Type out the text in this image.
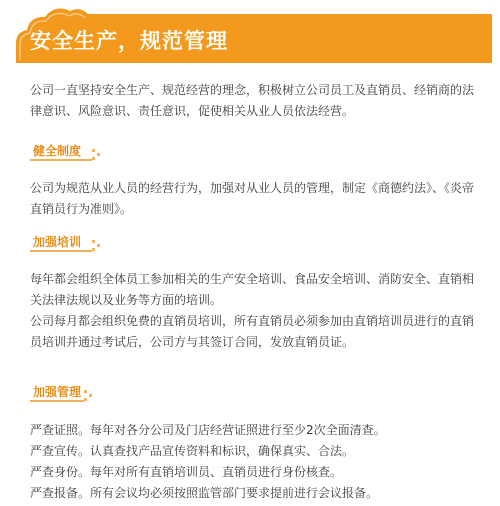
安全生产，规范管理

公司一直坚持安全生产、规范经营的理念，积极树立公司员工及直销员、经销商的法律意识、风险意识、责任意识，促使相关从业人员依法经营。

健全制度

公司为规范从业人员的经营行为，加强对从业人员的管理，制定《商德约法》、《炎帝直销员行为准则》。

加强培训

每年都会组织全体员工参加相关的生产安全培训、食品安全培训、消防安全、直销相关法律法规以及业务等方面的培训。

公司每月都会组织免费的直销员培训，所有直销员必须参加由直销培训员进行的直销员培训并通过考试后，公司方与其签订合同，发放直销员证。

加强管理

严查证照。每年对各分公司及门店经营证照进行至少2次全面清查。

严查宣传。认真查找产品宣传资料和标识，确保真实、合法。

严查身份。每年对所有直销培训员、直销员进行身份核查。

严查报备。所有会议均必须按照监管部门要求提前进行会议报备。
